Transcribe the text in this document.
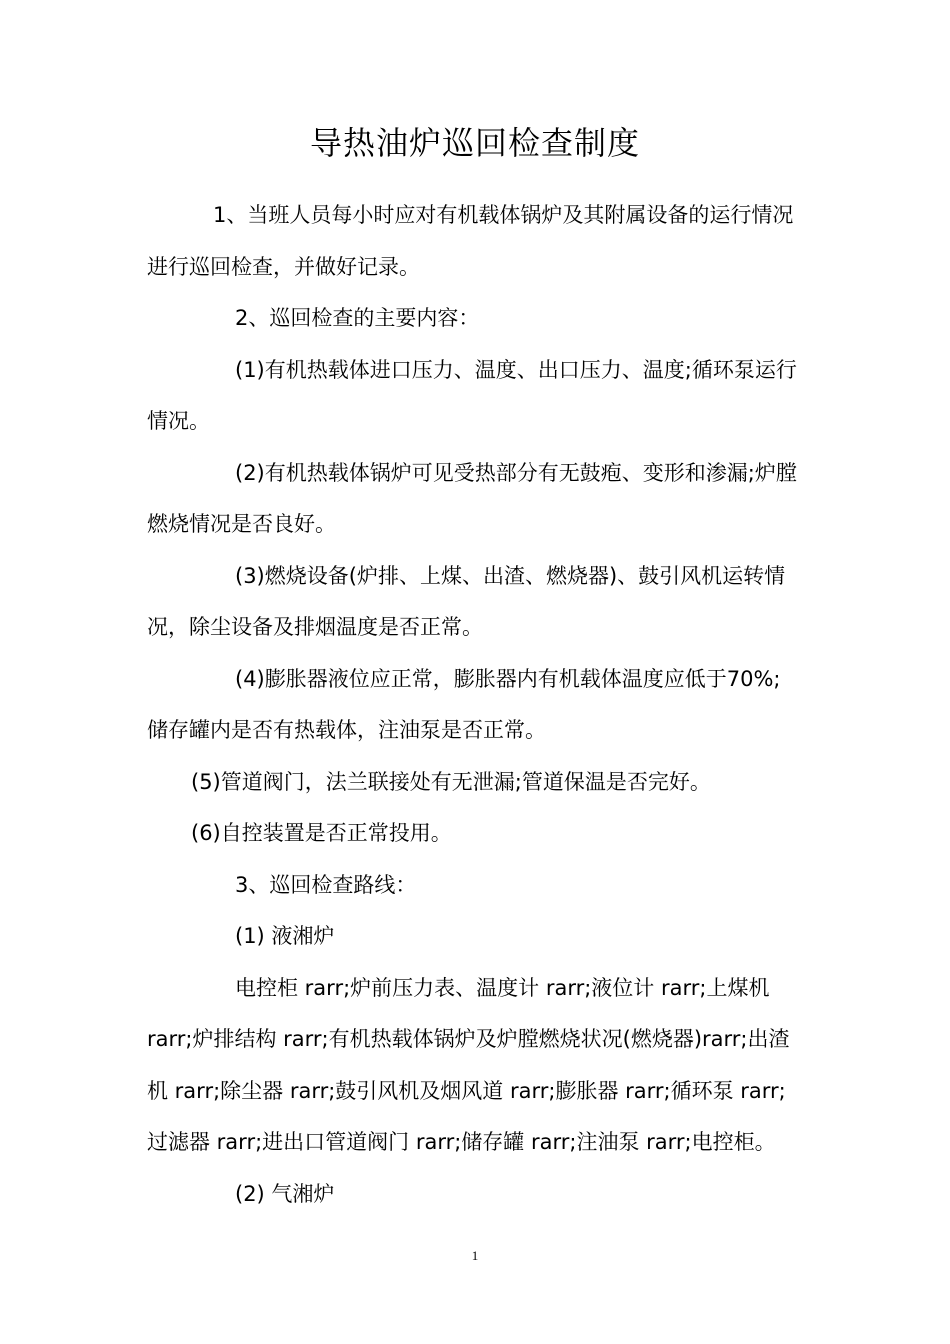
导热油炉巡回检查制度

1、当班人员每小时应对有机载体锅炉及其附属设备的运行情况进行巡回检查，并做好记录。

2、巡回检查的主要内容：

(1)有机热载体进口压力、温度、出口压力、温度;循环泵运行情况。

(2)有机热载体锅炉可见受热部分有无鼓疱、变形和渗漏;炉膛燃烧情况是否良好。

(3)燃烧设备(炉排、上煤、出渣、燃烧器)、鼓引风机运转情况，除尘设备及排烟温度是否正常。

(4)膨胀器液位应正常，膨胀器内有机载体温度应低于70%;储存罐内是否有热载体，注油泵是否正常。

(5)管道阀门，法兰联接处有无泄漏;管道保温是否完好。

(6)自控装置是否正常投用。

3、巡回检查路线：

(1) 液湘炉

电控柜 rarr;炉前压力表、温度计 rarr;液位计 rarr;上煤机 rarr;炉排结构 rarr;有机热载体锅炉及炉膛燃烧状况(燃烧器)rarr;出渣机 rarr;除尘器 rarr;鼓引风机及烟风道 rarr;膨胀器 rarr;循环泵 rarr;过滤器 rarr;进出口管道阀门 rarr;储存罐 rarr;注油泵 rarr;电控柜。

(2) 气湘炉

1
